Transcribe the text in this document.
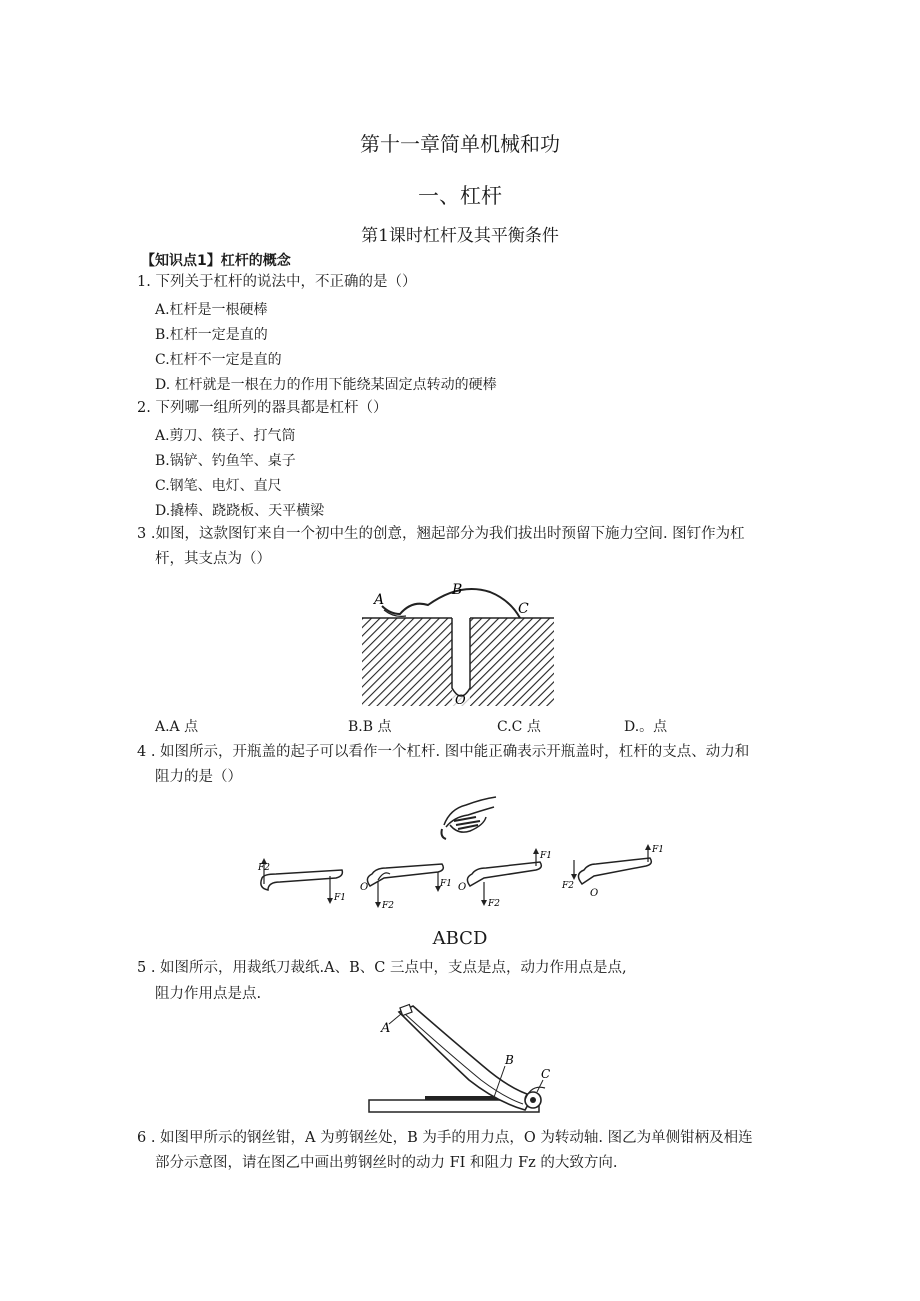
第十一章简单机械和功
一、杠杆
第1课时杠杆及其平衡条件
【知识点1】杠杆的概念
1. 下列关于杠杆的说法中，不正确的是（）
A.杠杆是一根硬棒
B.杠杆一定是直的
C.杠杆不一定是直的
D. 杠杆就是一根在力的作用下能绕某固定点转动的硬棒
2. 下列哪一组所列的器具都是杠杆（）
A.剪刀、筷子、打气筒
B.锅铲、钓鱼竿、桌子
C.钢笔、电灯、直尺
D.撬棒、跷跷板、天平横梁
3 .如图，这款图钉来自一个初中生的创意，翘起部分为我们拔出时预留下施力空间. 图钉作为杠
杆，其支点为（）
A
B
C
O
A.A 点	B.B 点	C.C 点	D.。点
4 . 如图所示，开瓶盖的起子可以看作一个杠杆. 图中能正确表示开瓶盖时，杠杆的支点、动力和
阻力的是（）
F2
F1
O
F2
F1 O
F1
F2
O
F1
F2
ABCD
5 . 如图所示，用裁纸刀裁纸.A、B、C 三点中，支点是点，动力作用点是点,
阻力作用点是点.
A
B
C
6 . 如图甲所示的钢丝钳，A 为剪钢丝处，B 为手的用力点，O 为转动轴. 图乙为单侧钳柄及相连
部分示意图，请在图乙中画出剪钢丝时的动力 FI 和阻力 Fz 的大致方向.
